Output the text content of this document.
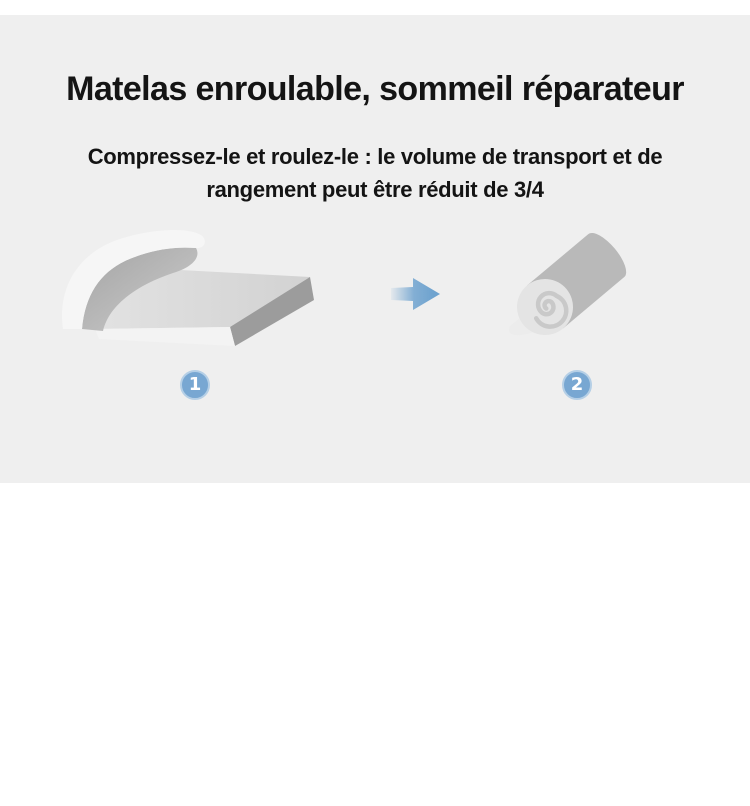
Matelas enroulable, sommeil réparateur
Compressez-le et roulez-le : le volume de transport et de
rangement peut être réduit de 3/4
1	2
